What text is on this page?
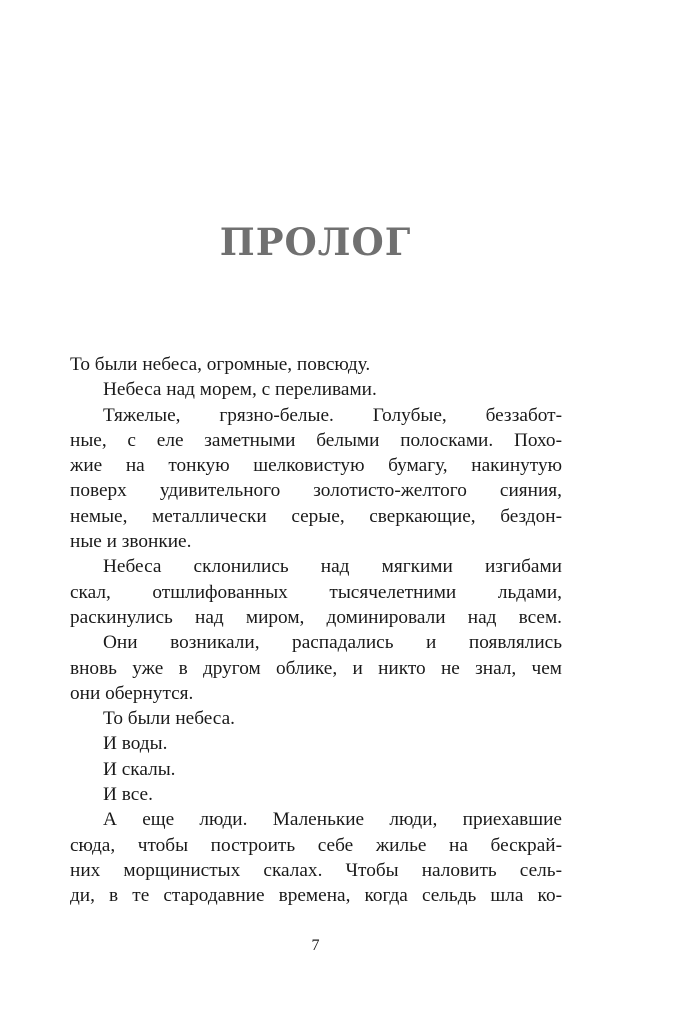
ПРОЛОГ
То были небеса, огромные, повсюду.
Небеса над морем, с переливами.
Тяжелые, грязно-белые. Голубые, беззабот-
ные, с еле заметными белыми полосками. Похо-
жие на тонкую шелковистую бумагу, накинутую
поверх удивительного золотисто-желтого сияния,
немые, металлически серые, сверкающие, бездон-
ные и звонкие.
Небеса склонились над мягкими изгибами
скал, отшлифованных тысячелетними льдами,
раскинулись над миром, доминировали над всем.
Они возникали, распадались и появлялись
вновь уже в другом облике, и никто не знал, чем
они обернутся.
То были небеса.
И воды.
И скалы.
И все.
А еще люди. Маленькие люди, приехавшие
сюда, чтобы построить себе жилье на бескрай-
них морщинистых скалах. Чтобы наловить сель-
ди, в те стародавние времена, когда сельдь шла ко-
7
